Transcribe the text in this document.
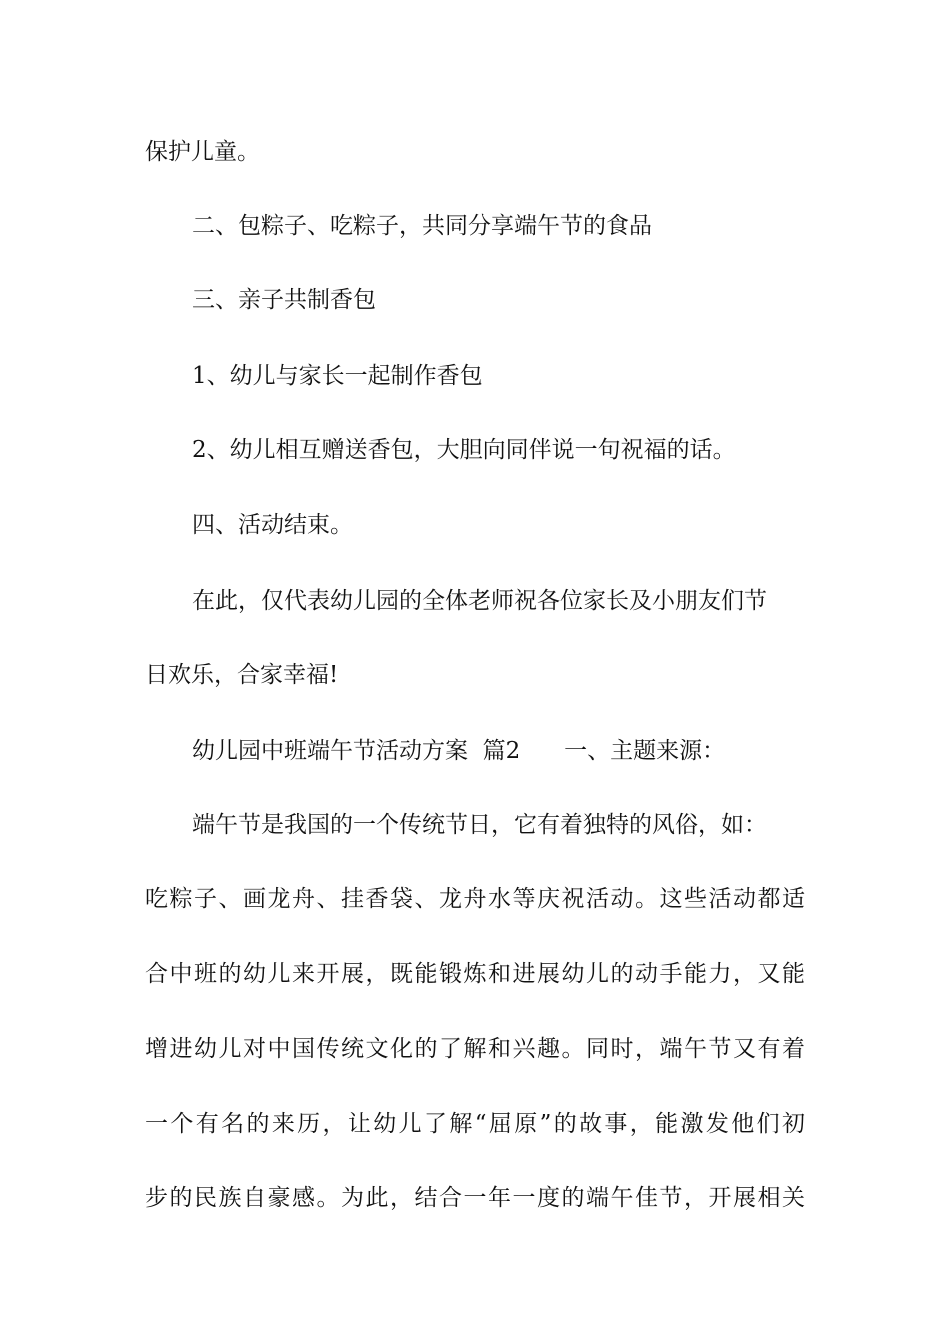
保护儿童。
二、包粽子、吃粽子，共同分享端午节的食品
三、亲子共制香包
1、幼儿与家长一起制作香包
2、幼儿相互赠送香包，大胆向同伴说一句祝福的话。
四、活动结束。
在此，仅代表幼儿园的全体老师祝各位家长及小朋友们节
日欢乐，合家幸福!
幼儿园中班端午节活动方案  篇2      一、主题来源：
端午节是我国的一个传统节日，它有着独特的风俗，如：
吃粽子、画龙舟、挂香袋、龙舟水等庆祝活动。这些活动都适
合中班的幼儿来开展，既能锻炼和进展幼儿的动手能力，又能
增进幼儿对中国传统文化的了解和兴趣。同时，端午节又有着
一个有名的来历，让幼儿了解“屈原”的故事，能激发他们初
步的民族自豪感。为此，结合一年一度的端午佳节，开展相关
